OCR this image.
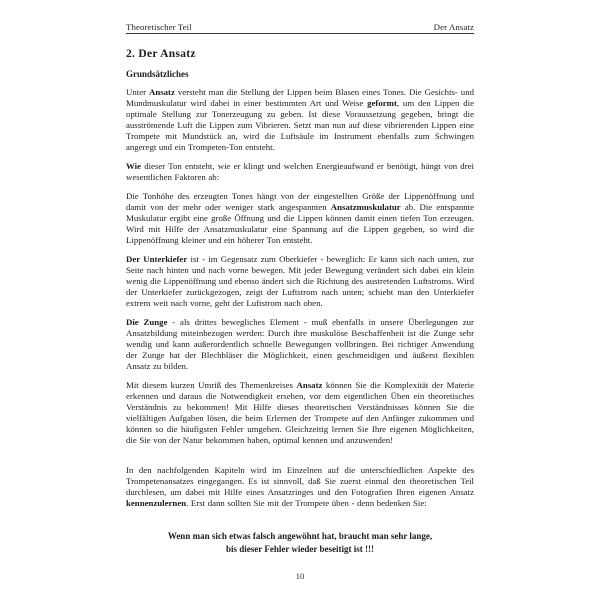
Theoretischer Teil	Der Ansatz
2. Der Ansatz
Grundsätzliches

Unter Ansatz versteht man die Stellung der Lippen beim Blasen eines Tones. Die Gesichts- und Mundmuskulatur wird dabei in einer bestimmten Art und Weise geformt, um den Lippen die optimale Stellung zur Tonerzeugung zu geben. Ist diese Voraussetzung gegeben, bringt die ausströmende Luft die Lippen zum Vibrieren. Setzt man nun auf diese vibrierenden Lippen eine Trompete mit Mundstück an, wird die Luftsäule im Instrument ebenfalls zum Schwingen angeregt und ein Trompeten-Ton entsteht.

Wie dieser Ton entsteht, wie er klingt und welchen Energieaufwand er benötigt, hängt von drei wesentlichen Faktoren ab:

Die Tonhöhe des erzeugten Tones hängt von der eingestellten Größe der Lippenöffnung und damit von der mehr oder weniger stark angespannten Ansatzmuskulatur ab. Die entspannte Muskulatur ergibt eine große Öffnung und die Lippen können damit einen tiefen Ton erzeugen. Wird mit Hilfe der Ansatzmuskulatur eine Spannung auf die Lippen gegeben, so wird die Lippenöffnung kleiner und ein höherer Ton entsteht.

Der Unterkiefer ist - im Gegensatz zum Oberkiefer - beweglich: Er kann sich nach unten, zur Seite nach hinten und nach vorne bewegen. Mit jeder Bewegung verändert sich dabei ein klein wenig die Lippenöffnung und ebenso ändert sich die Richtung des austretenden Luftstroms. Wird der Unterkiefer zurückgezogen, zeigt der Luftstrom nach unten; schiebt man den Unterkiefer extrem weit nach vorne, geht der Luftstrom nach oben.

Die Zunge - als drittes bewegliches Element - muß ebenfalls in unsere Überlegungen zur Ansatzbildung miteinbezogen werden: Durch ihre muskulöse Beschaffenheit ist die Zunge sehr wendig und kann außerordentlich schnelle Bewegungen vollbringen. Bei richtiger Anwendung der Zunge hat der Blechbläser die Möglichkeit, einen geschmeidigen und äußerst flexiblen Ansatz zu bilden.

Mit diesem kurzen Umriß des Themenkreises Ansatz können Sie die Komplexität der Materie erkennen und daraus die Notwendigkeit ersehen, vor dem eigentlichen Üben ein theoretisches Verständnis zu bekommen! Mit Hilfe dieses theoretischen Verständnisses können Sie die vielfältigen Aufgaben lösen, die beim Erlernen der Trompete auf den Anfänger zukommen und können so die häufigsten Fehler umgehen. Gleichzeitig lernen Sie Ihre eigenen Möglichkeiten, die Sie von der Natur bekommen haben, optimal kennen und anzuwenden!

In den nachfolgenden Kapiteln wird im Einzelnen auf die unterschiedlichen Aspekte des Trompetenansatzes eingegangen. Es ist sinnvoll, daß Sie zuerst einmal den theoretischen Teil durchlesen, um dabei mit Hilfe eines Ansatzringes und den Fotografien Ihren eigenen Ansatz kennenzulernen. Erst dann sollten Sie mit der Trompete üben - denn bedenken Sie:

Wenn man sich etwas falsch angewöhnt hat, braucht man sehr lange,
bis dieser Fehler wieder beseitigt ist !!!
10
